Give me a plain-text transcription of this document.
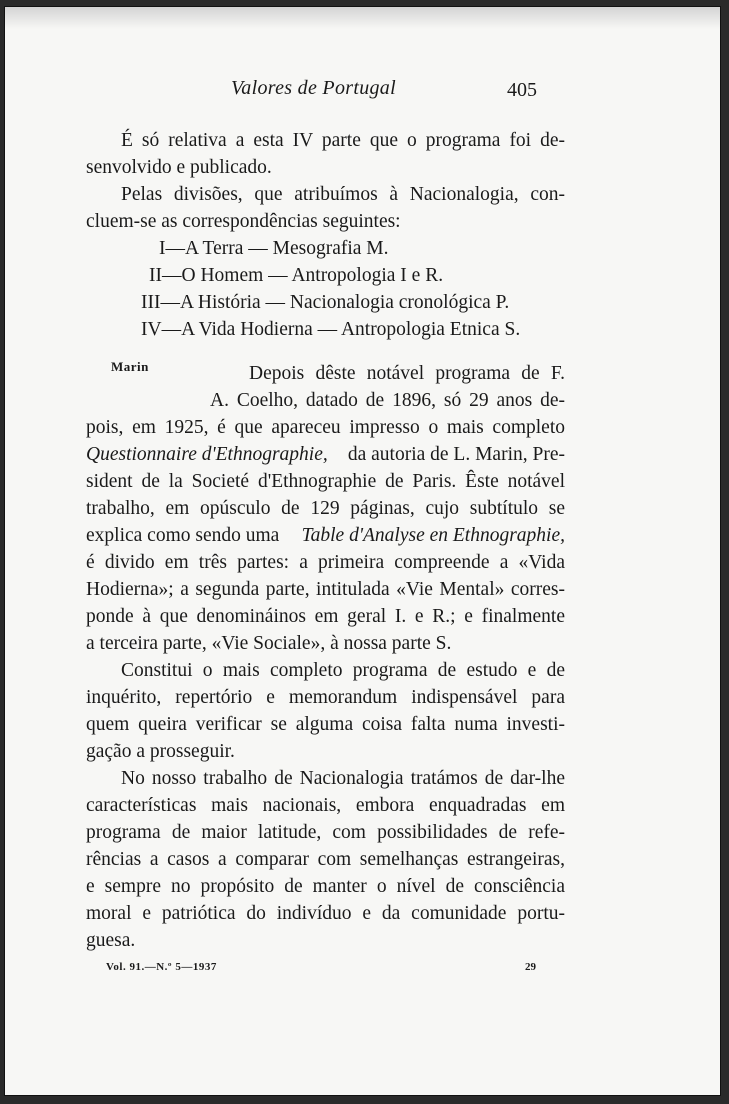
Valores de Portugal	405
É só relativa a esta IV parte que o programa foi de-
senvolvido e publicado.
Pelas divisões, que atribuímos à Nacionalogia, con-
cluem-se as correspondências seguintes:
I—A Terra — Mesografia M.
II—O Homem — Antropologia I e R.
III—A História — Nacionalogia cronológica P.
IV—A Vida Hodierna — Antropologia Etnica S.
Marin	Depois dêste notável programa de F.
A. Coelho, datado de 1896, só 29 anos de-
pois, em 1925, é que apareceu impresso o mais completo
Questionnaire d'Ethnographie, da autoria de L. Marin, Pre-
sident de la Societé d'Ethnographie de Paris. Êste notável
trabalho, em opúsculo de 129 páginas, cujo subtítulo se
explica como sendo uma Table d'Analyse en Ethnographie,
é divido em três partes: a primeira compreende a «Vida
Hodierna»; a segunda parte, intitulada «Vie Mental» corres-
ponde à que denomináinos em geral I. e R.; e finalmente
a terceira parte, «Vie Sociale», à nossa parte S.
Constitui o mais completo programa de estudo e de
inquérito, repertório e memorandum indispensável para
quem queira verificar se alguma coisa falta numa investi-
gação a prosseguir.
No nosso trabalho de Nacionalogia tratámos de dar-lhe
características mais nacionais, embora enquadradas em
programa de maior latitude, com possibilidades de refe-
rências a casos a comparar com semelhanças estrangeiras,
e sempre no propósito de manter o nível de consciência
moral e patriótica do indivíduo e da comunidade portu-
guesa.
Vol. 91.—N.º 5—1937	29
